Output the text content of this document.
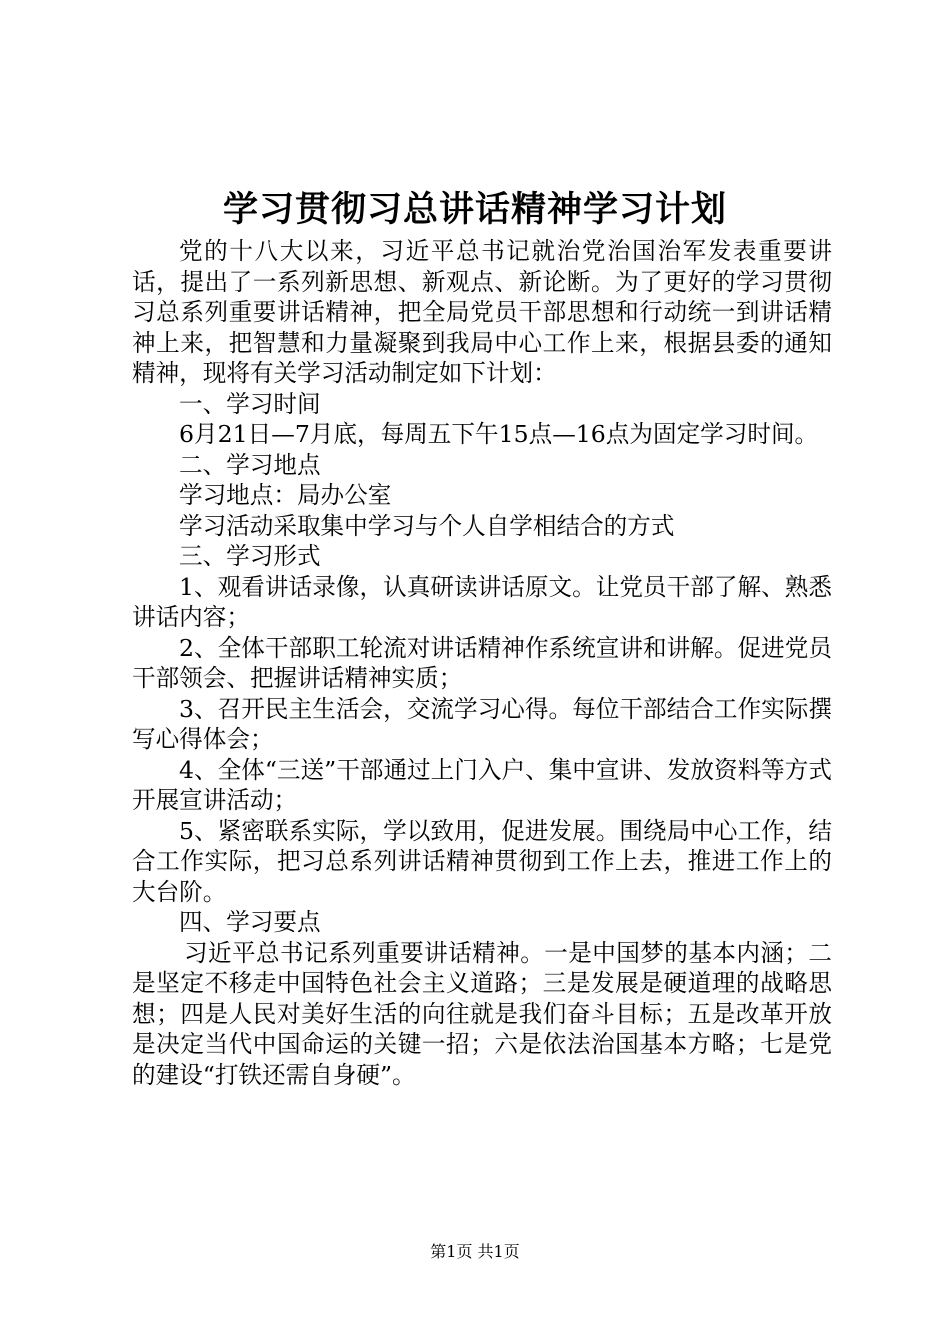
学习贯彻习总讲话精神学习计划

党的十八大以来，习近平总书记就治党治国治军发表重要讲话，提出了一系列新思想、新观点、新论断。为了更好的学习贯彻习总系列重要讲话精神，把全局党员干部思想和行动统一到讲话精神上来，把智慧和力量凝聚到我局中心工作上来，根据县委的通知精神，现将有关学习活动制定如下计划：

一、学习时间

6月21日—7月底，每周五下午15点—16点为固定学习时间。

二、学习地点

学习地点：局办公室

学习活动采取集中学习与个人自学相结合的方式

三、学习形式

1、观看讲话录像，认真研读讲话原文。让党员干部了解、熟悉讲话内容；

2、全体干部职工轮流对讲话精神作系统宣讲和讲解。促进党员干部领会、把握讲话精神实质；

3、召开民主生活会，交流学习心得。每位干部结合工作实际撰写心得体会；

4、全体“三送”干部通过上门入户、集中宣讲、发放资料等方式开展宣讲活动；

5、紧密联系实际，学以致用，促进发展。围绕局中心工作，结合工作实际，把习总系列讲话精神贯彻到工作上去，推进工作上的大台阶。

四、学习要点

习近平总书记系列重要讲话精神。一是中国梦的基本内涵；二是坚定不移走中国特色社会主义道路；三是发展是硬道理的战略思想；四是人民对美好生活的向往就是我们奋斗目标；五是改革开放是决定当代中国命运的关键一招；六是依法治国基本方略；七是党的建设“打铁还需自身硬”。

第1页 共1页
